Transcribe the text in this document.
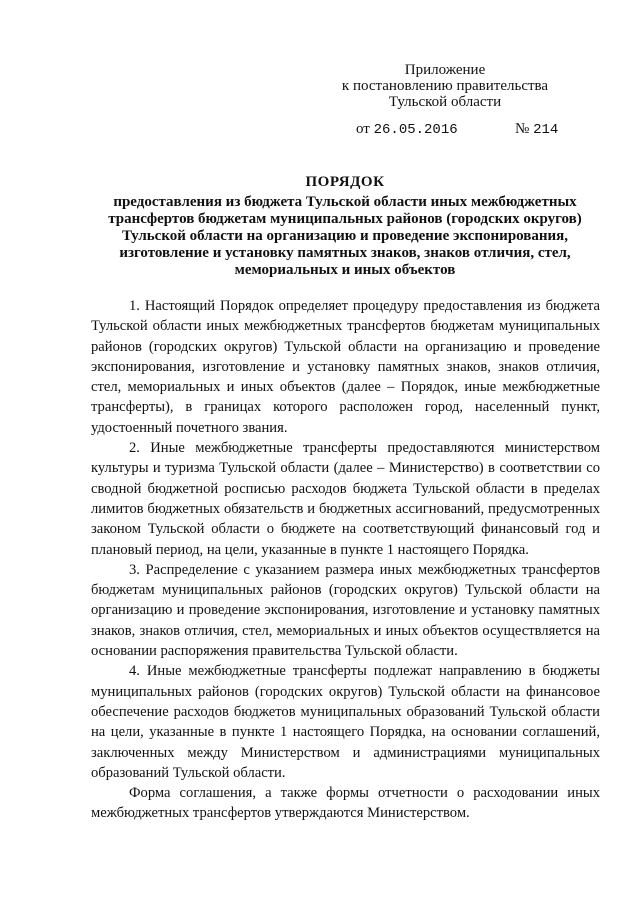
Приложение
к постановлению правительства
Тульской области
от 26.05.2016	№ 214
ПОРЯДОК
предоставления из бюджета Тульской области иных межбюджетных
трансфертов бюджетам муниципальных районов (городских округов)
Тульской области на организацию и проведение экспонирования,
изготовление и установку памятных знаков, знаков отличия, стел,
мемориальных и иных объектов

1. Настоящий Порядок определяет процедуру предоставления из бюджета Тульской области иных межбюджетных трансфертов бюджетам муниципальных районов (городских округов) Тульской области на организацию и проведение экспонирования, изготовление и установку памятных знаков, знаков отличия, стел, мемориальных и иных объектов (далее – Порядок, иные межбюджетные трансферты), в границах которого расположен город, населенный пункт, удостоенный почетного звания.

2. Иные межбюджетные трансферты предоставляются министерством культуры и туризма Тульской области (далее – Министерство) в соответствии со сводной бюджетной росписью расходов бюджета Тульской области в пределах лимитов бюджетных обязательств и бюджетных ассигнований, предусмотренных законом Тульской области о бюджете на соответствующий финансовый год и плановый период, на цели, указанные в пункте 1 настоящего Порядка.

3. Распределение с указанием размера иных межбюджетных трансфертов бюджетам муниципальных районов (городских округов) Тульской области на организацию и проведение экспонирования, изготовление и установку памятных знаков, знаков отличия, стел, мемориальных и иных объектов осуществляется на основании распоряжения правительства Тульской области.

4. Иные межбюджетные трансферты подлежат направлению в бюджеты муниципальных районов (городских округов) Тульской области на финансовое обеспечение расходов бюджетов муниципальных образований Тульской области на цели, указанные в пункте 1 настоящего Порядка, на основании соглашений, заключенных между Министерством и администрациями муниципальных образований Тульской области.

Форма соглашения, а также формы отчетности о расходовании иных межбюджетных трансфертов утверждаются Министерством.
